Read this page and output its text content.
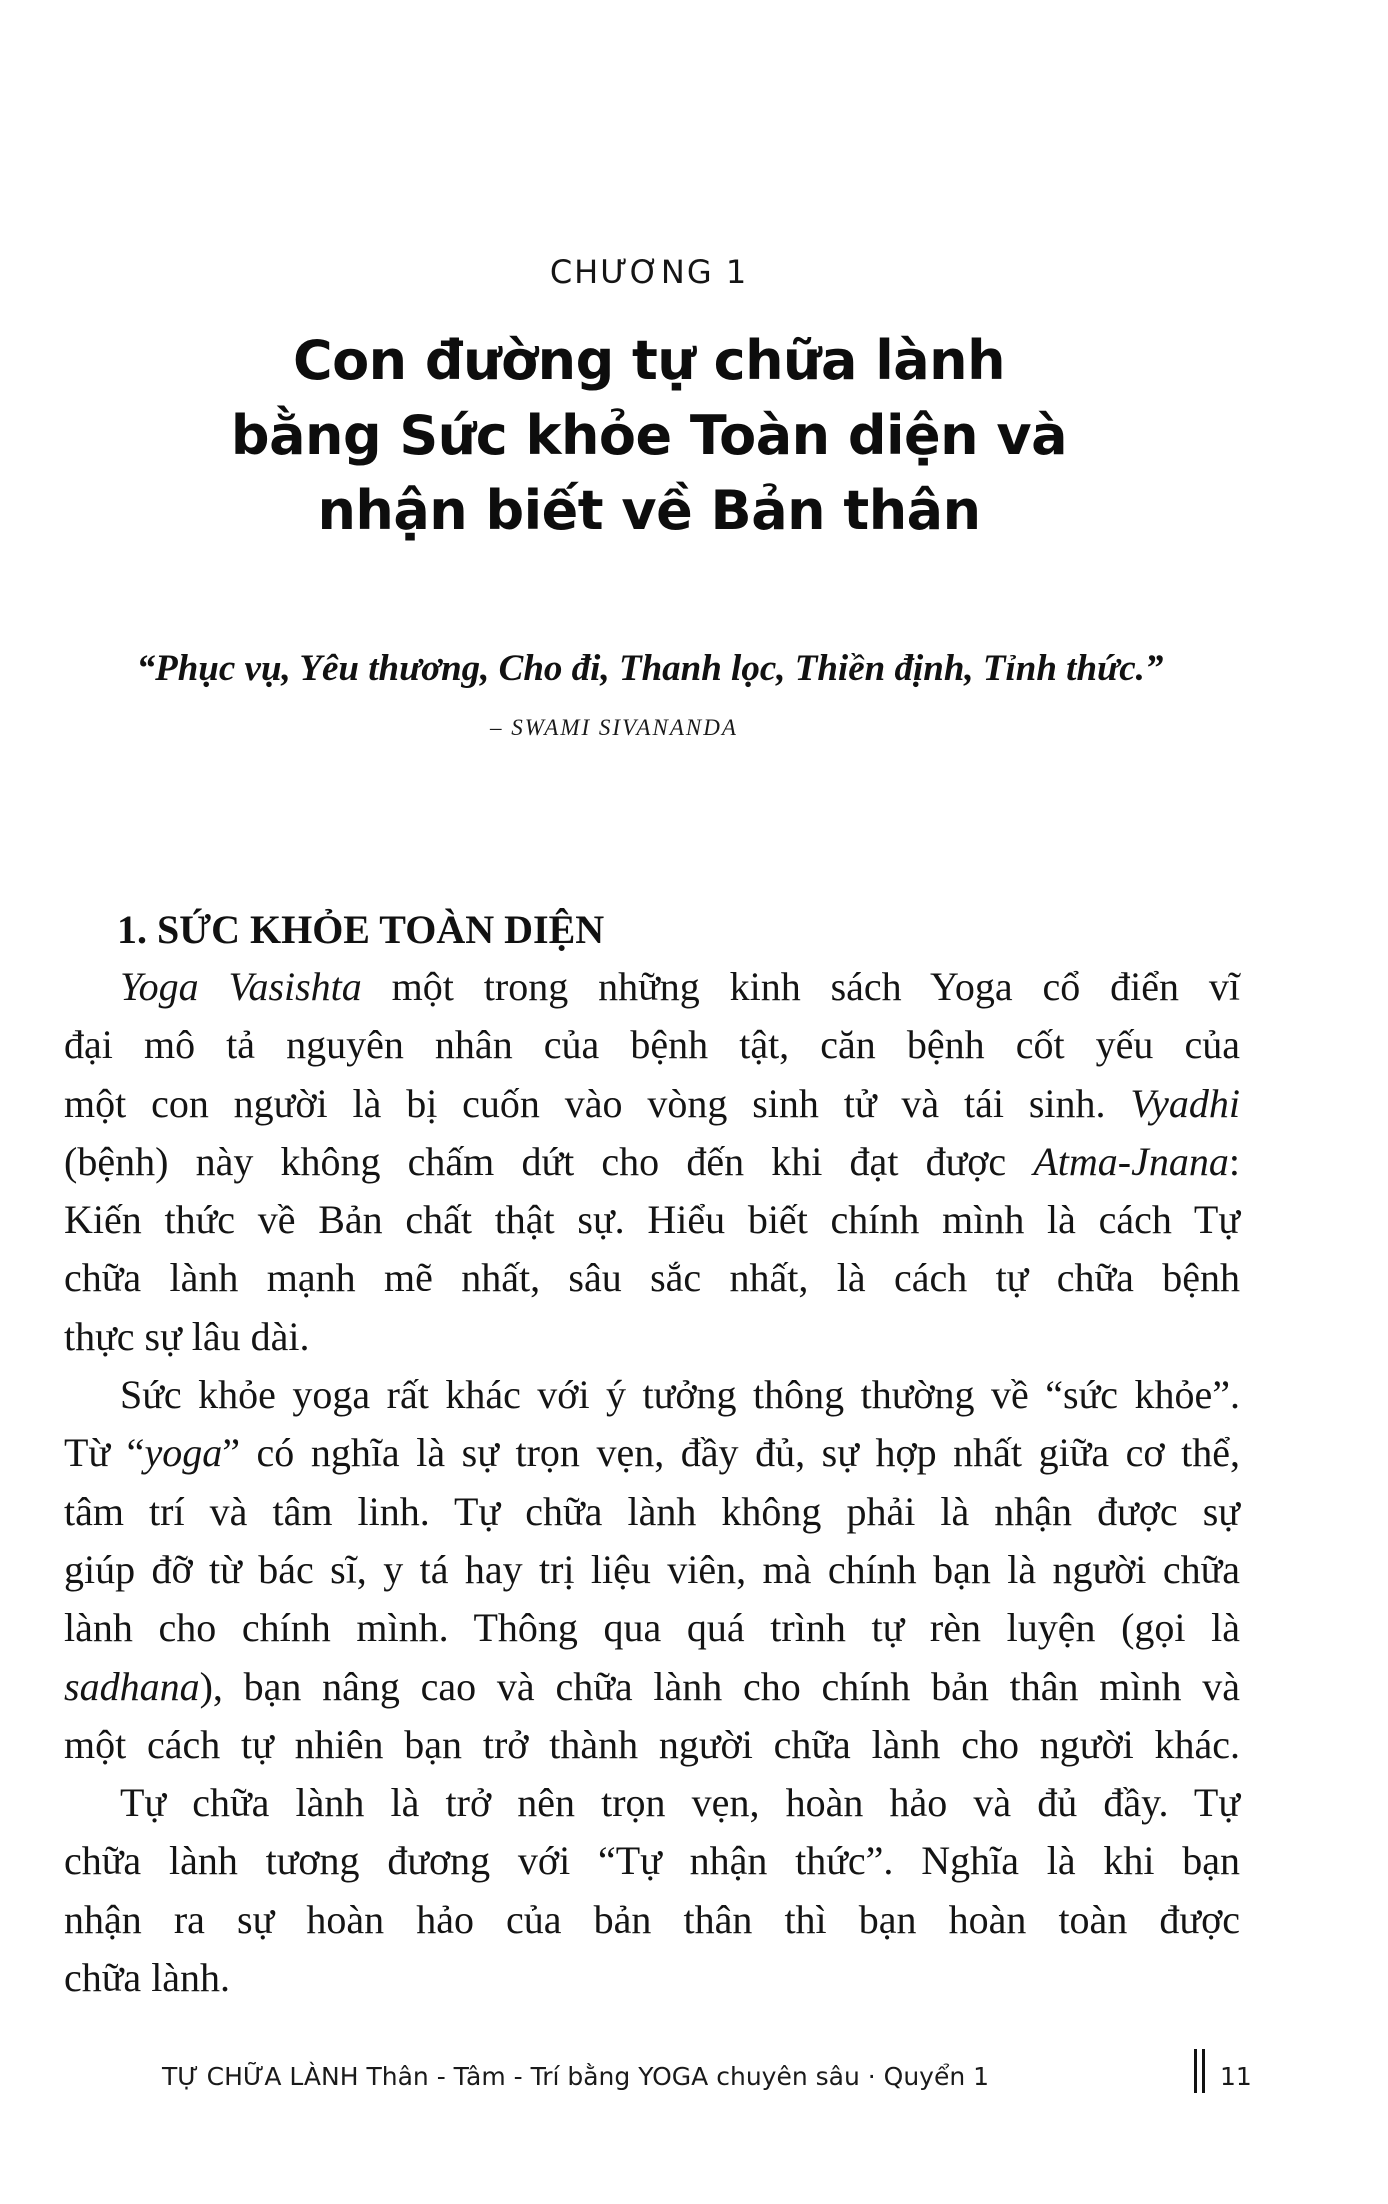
CHƯƠNG 1
Con đường tự chữa lành
bằng Sức khỏe Toàn diện và
nhận biết về Bản thân
“Phục vụ, Yêu thương, Cho đi, Thanh lọc, Thiền định, Tỉnh thức.”
– SWAMI SIVANANDA
1. SỨC KHỎE TOÀN DIỆN
Yoga Vasishta một trong những kinh sách Yoga cổ điển vĩ
đại mô tả nguyên nhân của bệnh tật, căn bệnh cốt yếu của
một con người là bị cuốn vào vòng sinh tử và tái sinh. Vyadhi
(bệnh) này không chấm dứt cho đến khi đạt được Atma-Jnana:
Kiến thức về Bản chất thật sự. Hiểu biết chính mình là cách Tự
chữa lành mạnh mẽ nhất, sâu sắc nhất, là cách tự chữa bệnh
thực sự lâu dài.
Sức khỏe yoga rất khác với ý tưởng thông thường về “sức khỏe”.
Từ “yoga” có nghĩa là sự trọn vẹn, đầy đủ, sự hợp nhất giữa cơ thể,
tâm trí và tâm linh. Tự chữa lành không phải là nhận được sự
giúp đỡ từ bác sĩ, y tá hay trị liệu viên, mà chính bạn là người chữa
lành cho chính mình. Thông qua quá trình tự rèn luyện (gọi là
sadhana), bạn nâng cao và chữa lành cho chính bản thân mình và
một cách tự nhiên bạn trở thành người chữa lành cho người khác.
Tự chữa lành là trở nên trọn vẹn, hoàn hảo và đủ đầy. Tự
chữa lành tương đương với “Tự nhận thức”. Nghĩa là khi bạn
nhận ra sự hoàn hảo của bản thân thì bạn hoàn toàn được
chữa lành.
TỰ CHỮA LÀNH Thân - Tâm - Trí bằng YOGA chuyên sâu · Quyển 1	11
